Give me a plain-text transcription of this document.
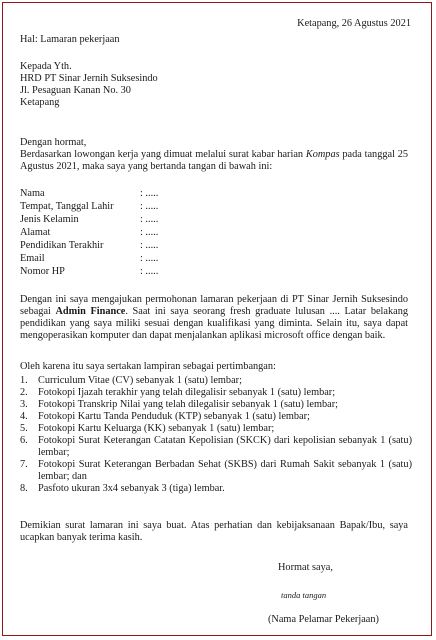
Ketapang, 26 Agustus 2021
Hal: Lamaran pekerjaan
Kepada Yth.
HRD PT Sinar Jernih Suksesindo
Jl. Pesaguan Kanan No. 30
Ketapang
Dengan hormat,
Berdasarkan lowongan kerja yang dimuat melalui surat kabar harian Kompas pada tanggal 25 Agustus 2021, maka saya yang bertanda tangan di bawah ini:
Nama	: .....
Tempat, Tanggal Lahir	: .....
Jenis Kelamin	: .....
Alamat	: .....
Pendidikan Terakhir	: .....
Email	: .....
Nomor HP	: .....
Dengan ini saya mengajukan permohonan lamaran pekerjaan di PT Sinar Jernih Suksesindo sebagai Admin Finance. Saat ini saya seorang fresh graduate lulusan .... Latar belakang pendidikan yang saya miliki sesuai dengan kualifikasi yang diminta. Selain itu, saya dapat mengoperasikan komputer dan dapat menjalankan aplikasi microsoft office dengan baik.
Oleh karena itu saya sertakan lampiran sebagai pertimbangan:
1. Curriculum Vitae (CV) sebanyak 1 (satu) lembar;
2. Fotokopi Ijazah terakhir yang telah dilegalisir sebanyak 1 (satu) lembar;
3. Fotokopi Transkrip Nilai yang telah dilegalisir sebanyak 1 (satu) lembar;
4. Fotokopi Kartu Tanda Penduduk (KTP) sebanyak 1 (satu) lembar;
5. Fotokopi Kartu Keluarga (KK) sebanyak 1 (satu) lembar;
6. Fotokopi Surat Keterangan Catatan Kepolisian (SKCK) dari kepolisian sebanyak 1 (satu) lembar;
7. Fotokopi Surat Keterangan Berbadan Sehat (SKBS) dari Rumah Sakit sebanyak 1 (satu) lembar; dan
8. Pasfoto ukuran 3x4 sebanyak 3 (tiga) lembar.
Demikian surat lamaran ini saya buat. Atas perhatian dan kebijaksanaan Bapak/Ibu, saya ucapkan banyak terima kasih.
Hormat saya,
tanda tangan
(Nama Pelamar Pekerjaan)
